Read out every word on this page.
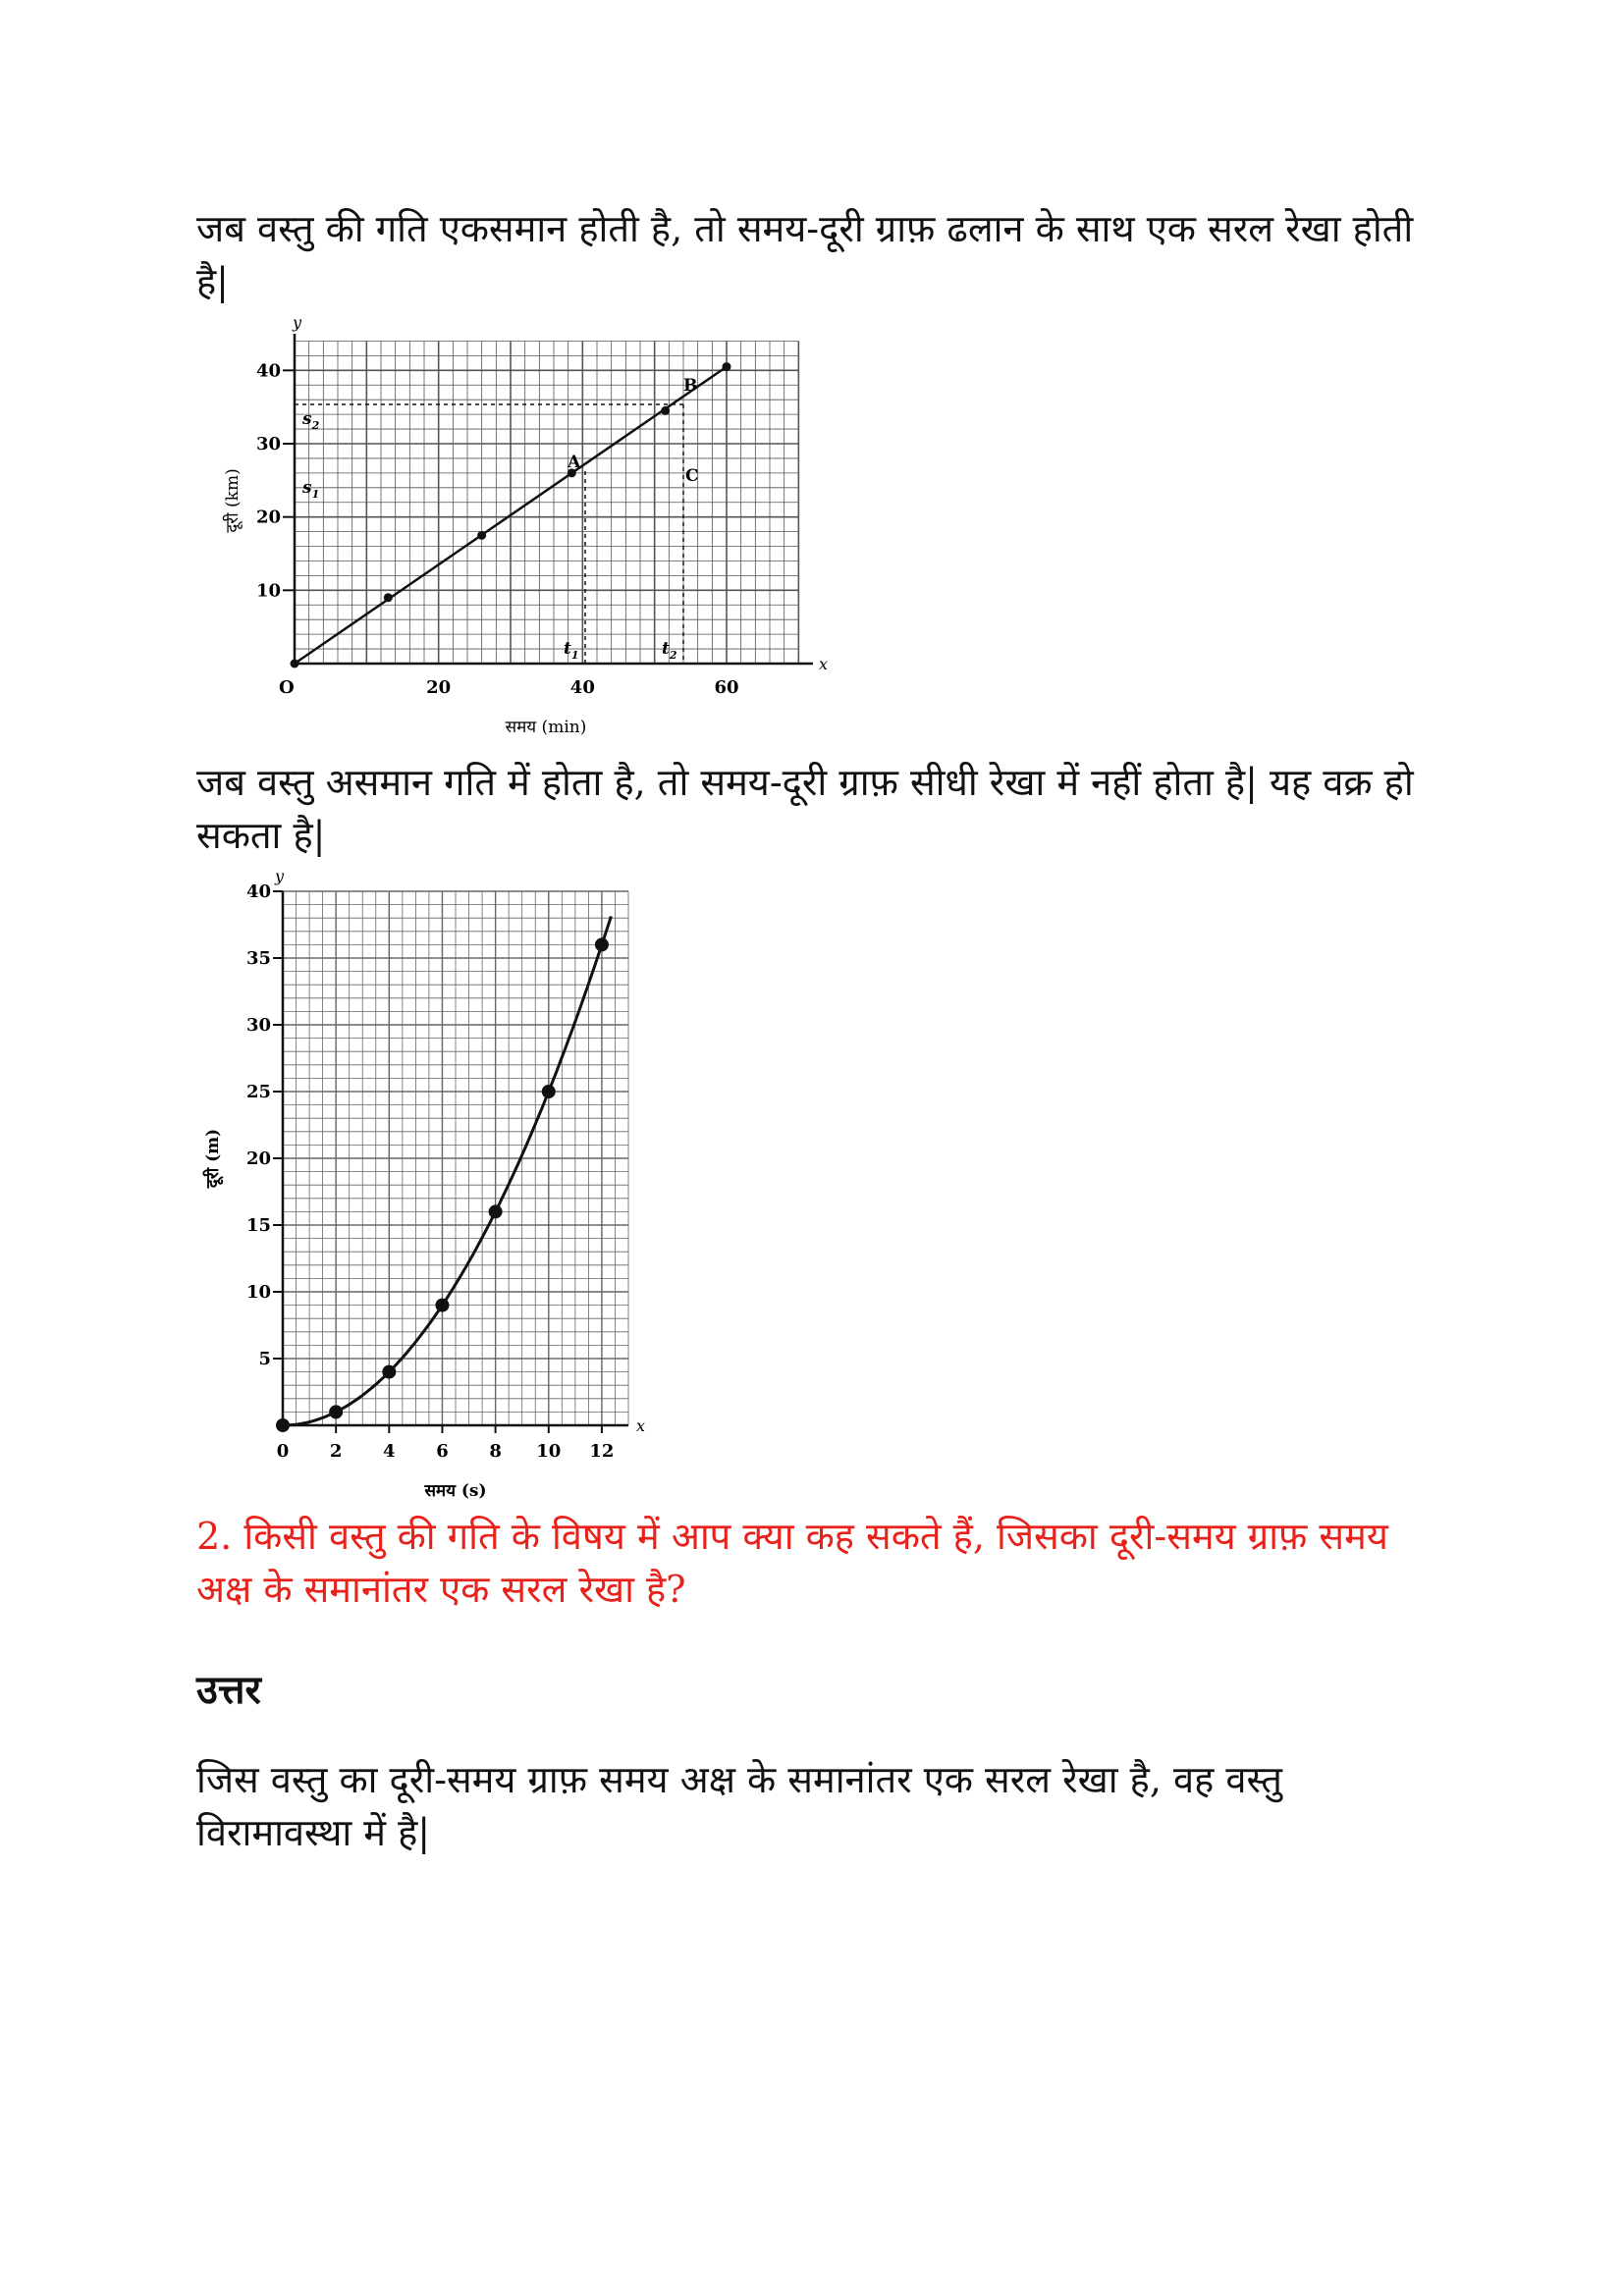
जब वस्तु की गति एकसमान होती है, तो समय-दूरी ग्राफ़ ढलान के साथ एक सरल रेखा होती है|

y
x
O	20	40	60
10
20
30
40
A
B
C
$s_2$
$s_1$
$t_1$	$t_2$
समय (min)
दूरी (km)

जब वस्तु असमान गति में होता है, तो समय-दूरी ग्राफ़ सीधी रेखा में नहीं होता है| यह वक्र हो सकता है|

y
x
0 2 4 6 8 10 12
5
10
15
20
25
30
35
40
समय (s)
दूरी (m)

2. किसी वस्तु की गति के विषय में आप क्या कह सकते हैं, जिसका दूरी-समय ग्राफ़ समय अक्ष के समानांतर एक सरल रेखा है?

उत्तर

जिस वस्तु का दूरी-समय ग्राफ़ समय अक्ष के समानांतर एक सरल रेखा है, वह वस्तु विरामावस्था में है|
